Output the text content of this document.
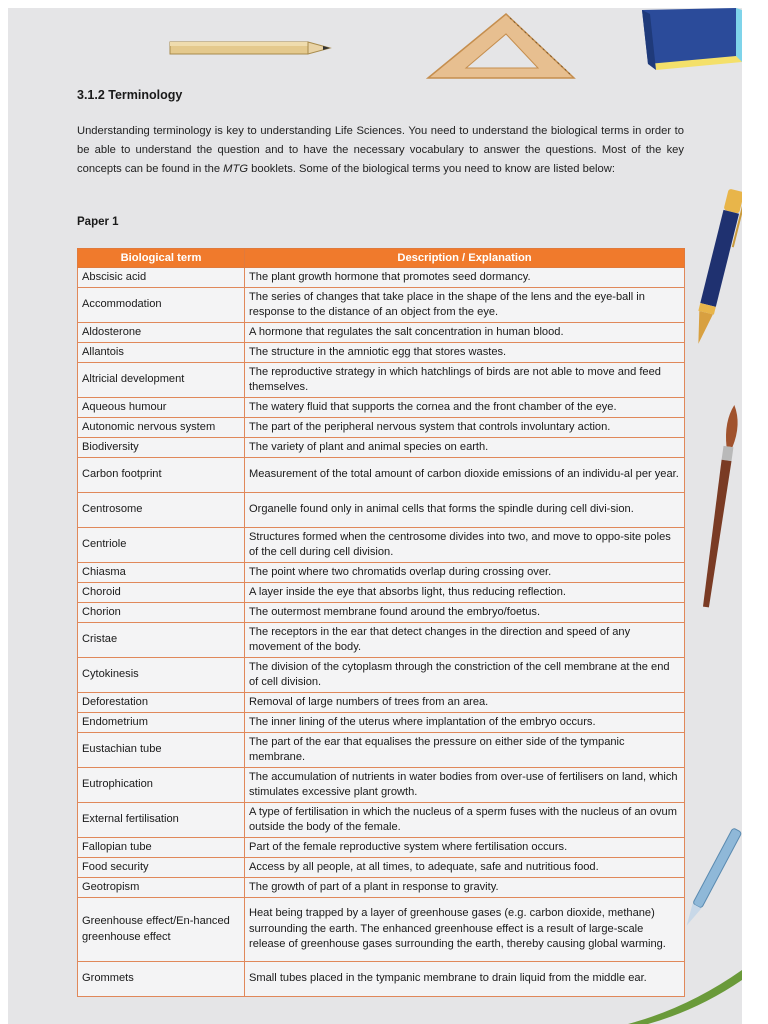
3.1.2 Terminology
Understanding terminology is key to understanding Life Sciences. You need to understand the biological terms in order to be able to understand the question and to have the necessary vocabulary to answer the questions. Most of the key concepts can be found in the MTG booklets. Some of the biological terms you need to know are listed below:
Paper 1
Biological term	Description / Explanation
Abscisic acid	The plant growth hormone that promotes seed dormancy.
Accommodation	The series of changes that take place in the shape of the lens and the eye-ball in response to the distance of an object from the eye.
Aldosterone	A hormone that regulates the salt concentration in human blood.
Allantois	The structure in the amniotic egg that stores wastes.
Altricial development	The reproductive strategy in which hatchlings of birds are not able to move and feed themselves.
Aqueous humour	The watery fluid that supports the cornea and the front chamber of the eye.
Autonomic nervous system	The part of the peripheral nervous system that controls involuntary action.
Biodiversity	The variety of plant and animal species on earth.
Carbon footprint	Measurement of the total amount of carbon dioxide emissions of an individu-al per year.
Centrosome	Organelle found only in animal cells that forms the spindle during cell divi-sion.
Centriole	Structures formed when the centrosome divides into two, and move to oppo-site poles of the cell during cell division.
Chiasma	The point where two chromatids overlap during crossing over.
Choroid	A layer inside the eye that absorbs light, thus reducing reflection.
Chorion	The outermost membrane found around the embryo/foetus.
Cristae	The receptors in the ear that detect changes in the direction and speed of any movement of the body.
Cytokinesis	The division of the cytoplasm through the constriction of the cell membrane at the end of cell division.
Deforestation	Removal of large numbers of trees from an area.
Endometrium	The inner lining of the uterus where implantation of the embryo occurs.
Eustachian tube	The part of the ear that equalises the pressure on either side of the tympanic membrane.
Eutrophication	The accumulation of nutrients in water bodies from over-use of fertilisers on land, which stimulates excessive plant growth.
External fertilisation	A type of fertilisation in which the nucleus of a sperm fuses with the nucleus of an ovum outside the body of the female.
Fallopian tube	Part of the female reproductive system where fertilisation occurs.
Food security	Access by all people, at all times, to adequate, safe and nutritious food.
Geotropism	The growth of part of a plant in response to gravity.
Greenhouse effect/En-hanced greenhouse effect	Heat being trapped by a layer of greenhouse gases (e.g. carbon dioxide, methane) surrounding the earth. The enhanced greenhouse effect is a result of large-scale release of greenhouse gases surrounding the earth, thereby causing global warming.
Grommets	Small tubes placed in the tympanic membrane to drain liquid from the middle ear.
